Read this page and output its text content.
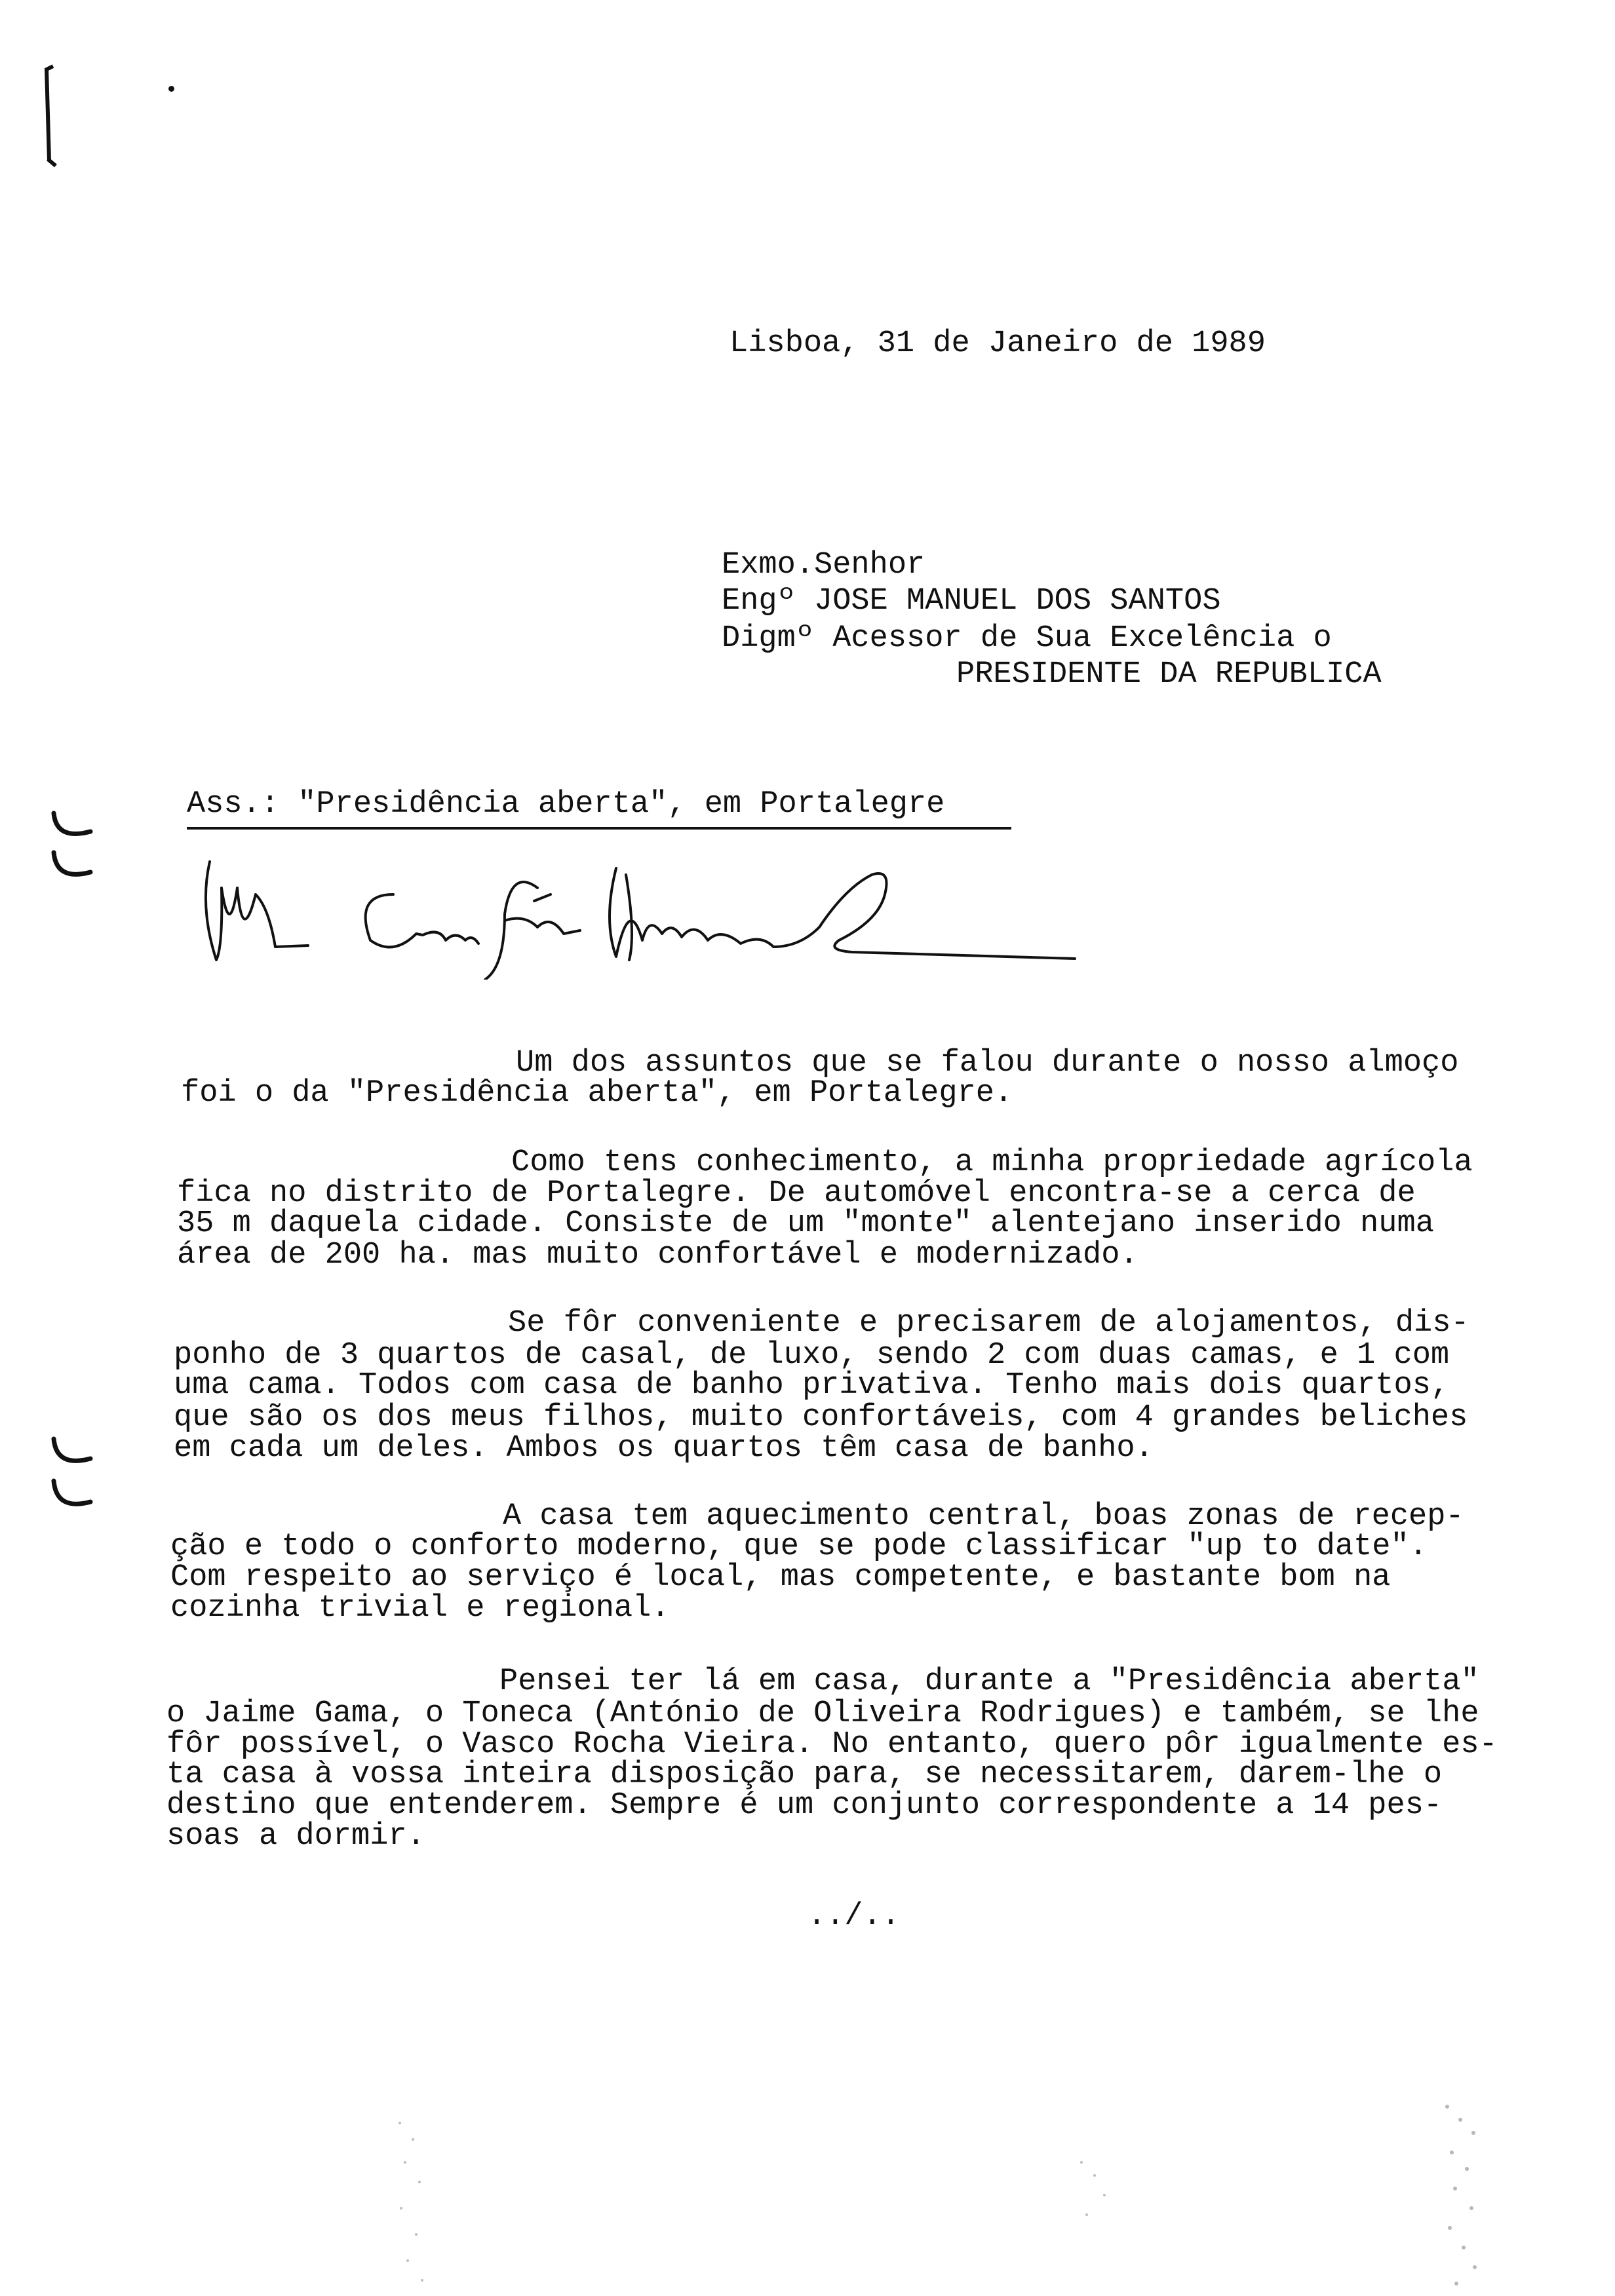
Lisboa, 31 de Janeiro de 1989
Exmo.Senhor
Engº JOSE MANUEL DOS SANTOS
Digmº Acessor de Sua Excelência o
PRESIDENTE DA REPUBLICA
Ass.: "Presidência aberta", em Portalegre
Um dos assuntos que se falou durante o nosso almoço
foi o da "Presidência aberta", em Portalegre.
Como tens conhecimento, a minha propriedade agrícola
fica no distrito de Portalegre. De automóvel encontra-se a cerca de
35 m daquela cidade. Consiste de um "monte" alentejano inserido numa
área de 200 ha. mas muito confortável e modernizado.
Se fôr conveniente e precisarem de alojamentos, dis-
ponho de 3 quartos de casal, de luxo, sendo 2 com duas camas, e 1 com
uma cama. Todos com casa de banho privativa. Tenho mais dois quartos,
que são os dos meus filhos, muito confortáveis, com 4 grandes beliches
em cada um deles. Ambos os quartos têm casa de banho.
A casa tem aquecimento central, boas zonas de recep-
ção e todo o conforto moderno, que se pode classificar "up to date".
Com respeito ao serviço é local, mas competente, e bastante bom na
cozinha trivial e regional.
Pensei ter lá em casa, durante a "Presidência aberta"
o Jaime Gama, o Toneca (António de Oliveira Rodrigues) e também, se lhe
fôr possível, o Vasco Rocha Vieira. No entanto, quero pôr igualmente es-
ta casa à vossa inteira disposição para, se necessitarem, darem-lhe o
destino que entenderem. Sempre é um conjunto correspondente a 14 pes-
soas a dormir.
../..
